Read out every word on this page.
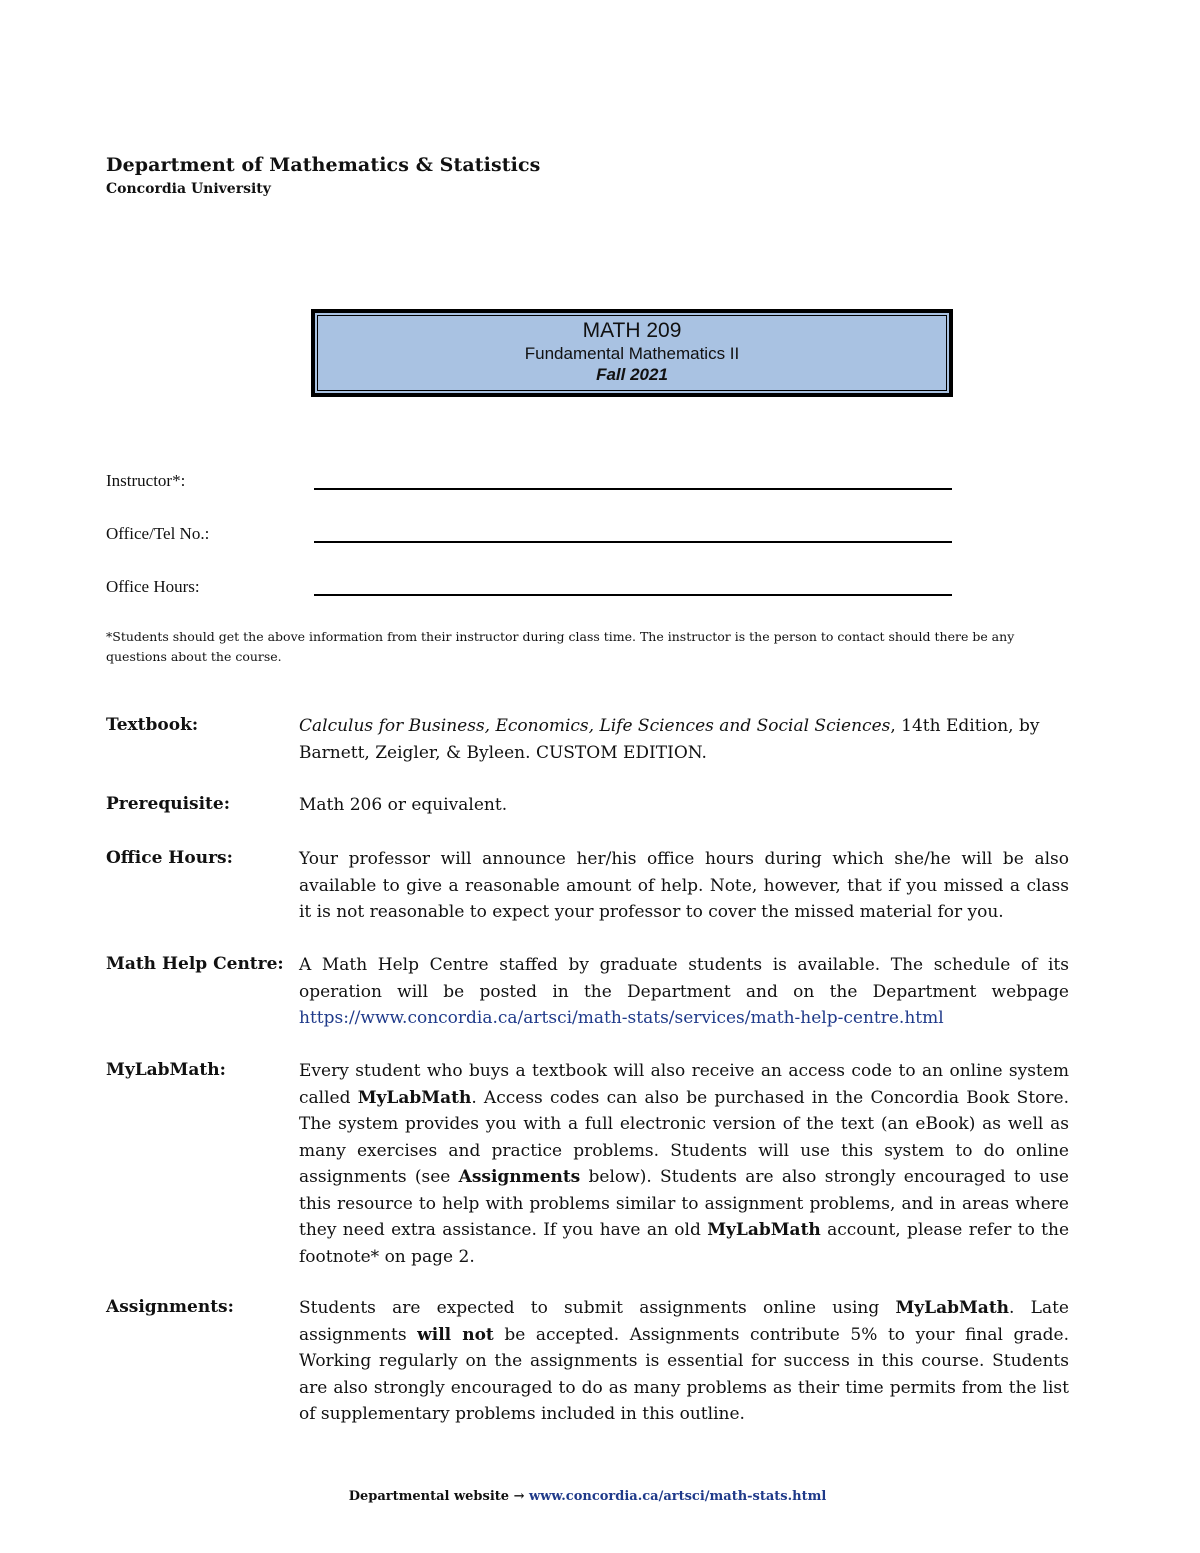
Department of Mathematics & Statistics
Concordia University
MATH 209
Fundamental Mathematics II
Fall 2021
Instructor*:
Office/Tel No.:
Office Hours:
*Students should get the above information from their instructor during class time. The instructor is the person to contact should there be any questions about the course.
Textbook:	Calculus for Business, Economics, Life Sciences and Social Sciences, 14th Edition, by Barnett, Zeigler, & Byleen. CUSTOM EDITION.
Prerequisite:	Math 206 or equivalent.
Office Hours:	Your professor will announce her/his office hours during which she/he will be also available to give a reasonable amount of help. Note, however, that if you missed a class it is not reasonable to expect your professor to cover the missed material for you.
Math Help Centre: A Math Help Centre staffed by graduate students is available. The schedule of its operation will be posted in the Department and on the Department webpage https://www.concordia.ca/artsci/math-stats/services/math-help-centre.html
MyLabMath:	Every student who buys a textbook will also receive an access code to an online system called MyLabMath. Access codes can also be purchased in the Concordia Book Store. The system provides you with a full electronic version of the text (an eBook) as well as many exercises and practice problems. Students will use this system to do online assignments (see Assignments below). Students are also strongly encouraged to use this resource to help with problems similar to assignment problems, and in areas where they need extra assistance. If you have an old MyLabMath account, please refer to the footnote* on page 2.
Assignments:	Students are expected to submit assignments online using MyLabMath. Late assignments will not be accepted. Assignments contribute 5% to your final grade. Working regularly on the assignments is essential for success in this course. Students are also strongly encouraged to do as many problems as their time permits from the list of supplementary problems included in this outline.
Departmental website → www.concordia.ca/artsci/math-stats.html
